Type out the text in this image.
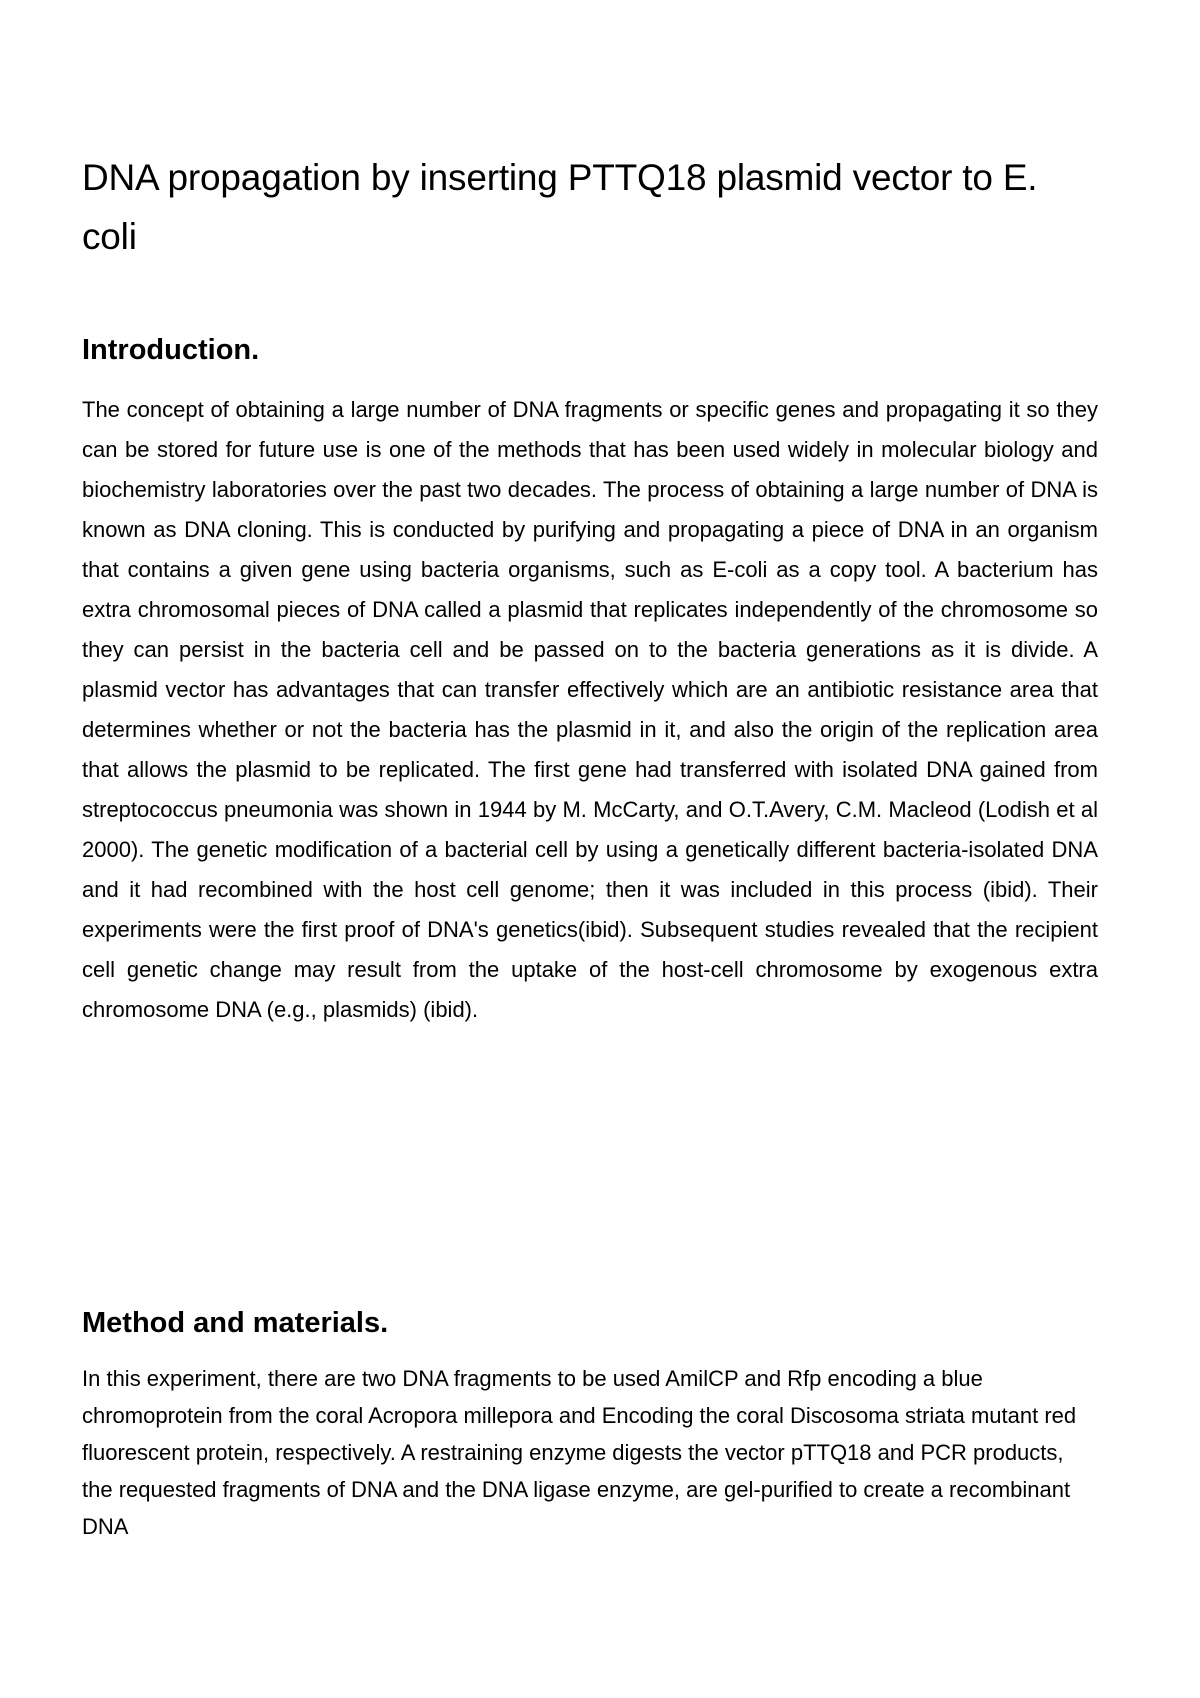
DNA propagation by inserting PTTQ18 plasmid vector to E. coli
Introduction.

The concept of obtaining a large number of DNA fragments or specific genes and propagating it so they can be stored for future use is one of the methods that has been used widely in molecular biology and biochemistry laboratories over the past two decades. The process of obtaining a large number of DNA is known as DNA cloning. This is conducted by purifying and propagating a piece of DNA in an organism that contains a given gene using bacteria organisms, such as E-coli as a copy tool. A bacterium has extra chromosomal pieces of DNA called a plasmid that replicates independently of the chromosome so they can persist in the bacteria cell and be passed on to the bacteria generations as it is divide. A plasmid vector has advantages that can transfer effectively which are an antibiotic resistance area that determines whether or not the bacteria has the plasmid in it, and also the origin of the replication area that allows the plasmid to be replicated. The first gene had transferred with isolated DNA gained from streptococcus pneumonia was shown in 1944 by M. McCarty, and O.T.Avery, C.M. Macleod (Lodish et al 2000). The genetic modification of a bacterial cell by using a genetically different bacteria-isolated DNA and it had recombined with the host cell genome; then it was included in this process (ibid). Their experiments were the first proof of DNA's genetics(ibid). Subsequent studies revealed that the recipient cell genetic change may result from the uptake of the host-cell chromosome by exogenous extra chromosome DNA (e.g., plasmids) (ibid).

Method and materials.

In this experiment, there are two DNA fragments to be used AmilCP and Rfp encoding a blue chromoprotein from the coral Acropora millepora and Encoding the coral Discosoma striata mutant red fluorescent protein, respectively. A restraining enzyme digests the vector pTTQ18 and PCR products, the requested fragments of DNA and the DNA ligase enzyme, are gel-purified to create a recombinant DNA
